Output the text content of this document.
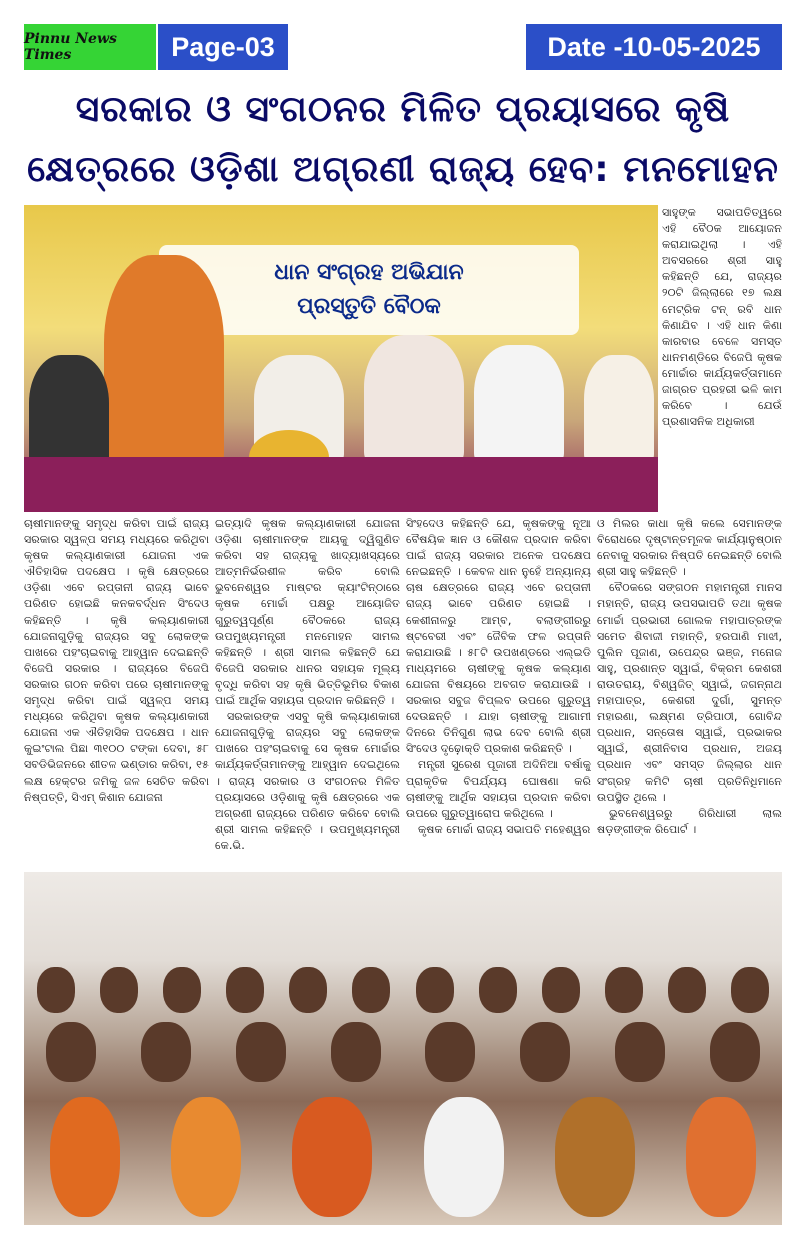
Pinnu News Times	Page-03	Date -10-05-2025
ସରକାର ଓ ସଂଗଠନର ମିଳିତ ପ୍ରୟାସରେ କୃଷି
କ୍ଷେତ୍ରରେ ଓଡ଼ିଶା ଅଗ୍ରଣୀ ରାଜ୍ୟ ହେବ: ମନମୋହନ
ଧାନ ସଂଗ୍ରହ ଅଭିଯାନ
ପ୍ରସ୍ତୁତି ବୈଠକ
ସାହୁଙ୍କ ସଭାପତିତ୍ୱରେ ଏହି ବୈଠକ ଆୟୋଜନ କରାଯାଇଥିଲା । ଏହି ଅବସରରେ ଶ୍ରୀ ସାହୁ କହିଛନ୍ତି ଯେ, ରାଜ୍ୟର ୨୦ଟି ଜିଲ୍ଲାରେ ୧୭ ଲକ୍ଷ ମେଟ୍ରିକ ଟନ୍ ରବି ଧାନ କିଣାଯିବ । ଏହି ଧାନ କିଣା କାରବାର ବେଳେ ସମସ୍ତ ଧାନମଣ୍ଡିରେ ବିଜେପି କୃଷକ ମୋର୍ଚ୍ଚାର କାର୍ଯ୍ୟକର୍ତ୍ତାମାନେ ଜାଗ୍ରତ ପ୍ରହରୀ ଭଳି କାମ କରିବେ । ଯେଉଁ ପ୍ରଶାସନିକ ଅଧିକାରୀ

ଚାଷୀମାନଙ୍କୁ ସମୃଦ୍ଧ କରିବା ପାଇଁ ରାଜ୍ୟ ସରକାର ସ୍ୱଳ୍ପ ସମୟ ମଧ୍ୟରେ କରିଥିବା କୃଷକ କଲ୍ୟାଣକାରୀ ଯୋଜନା ଏକ ଐତିହାସିକ ପଦକ୍ଷେପ । କୃଷି କ୍ଷେତ୍ରରେ ଓଡ଼ିଶା ଏବେ ରପ୍ତାନୀ ରାଜ୍ୟ ଭାବେ ପରିଣତ ହୋଇଛି କନକବର୍ଦ୍ଧନ ସିଂଦେଓ କହିଛନ୍ତି । କୃଷି କଲ୍ୟାଣକାରୀ ଯୋଜନାଗୁଡ଼ିକୁ ରାଜ୍ୟର ସବୁ ଲୋକଙ୍କ ପାଖରେ ପହଂଚାଇବାକୁ ଆହ୍ୱାନ ଦେଇଛନ୍ତି ବିଜେପି ସରକାର । ରାଜ୍ୟରେ ବିଜେପି ସରକାର ଗଠନ କରିବା ପରେ ଚାଷୀମାନଙ୍କୁ ସମୃଦ୍ଧ କରିବା ପାଇଁ ସ୍ୱଳ୍ପ ସମୟ ମଧ୍ୟରେ କରିଥିବା କୃଷକ କଲ୍ୟାଣକାରୀ ଯୋଜନା ଏକ ଐତିହାସିକ ପଦକ୍ଷେପ । ଧାନ କୁଇଂଟାଲ ପିଛା ୩୧୦୦ ଟଙ୍କା ଦେବା, ୫୮ ସବଡିଭିଜନରେ ଶୀତଳ ଭଣ୍ଡାର କରିବା, ୧୫ ଲକ୍ଷ ହେକ୍ଟର ଜମିକୁ ଜଳ ସେଚିତ କରିବା ନିଷ୍ପତ୍ତି, ସିଏମ୍ କିଶାନ ଯୋଜନା

ଇତ୍ୟାଦି କୃଷକ କଲ୍ୟାଣକାରୀ ଯୋଜନା ଓଡ଼ିଶା ଚାଷୀମାନଙ୍କ ଆୟକୁ ଦ୍ୱିଗୁଣିତ କରିବା ସହ ରାଜ୍ୟକୁ ଖାଦ୍ୟାଖସ୍ୟରେ ଆତ୍ମନିର୍ଭରଶୀଳ କରିବ ବୋଲି ଭୁବନେଶ୍ୱର ମାଷ୍ଟର କ୍ୟାଂଟିନ୍ଠାରେ କୃଷକ ମୋର୍ଚ୍ଚା ପକ୍ଷରୁ ଆୟୋଜିତ ଗୁରୁତ୍ୱପୂର୍ଣ୍ଣ ବୈଠକରେ ରାଜ୍ୟ ଉପମୁଖ୍ୟମନ୍ତ୍ରୀ ମନମୋହନ ସାମଲ କହିଛନ୍ତି । ଶ୍ରୀ ସାମଲ କହିଛନ୍ତି ଯେ ବିଜେପି ସରକାର ଧାନର ସହାୟକ ମୂଲ୍ୟ ବୃଦ୍ଧି କରିବା ସହ କୃଷି ଭିତ୍ତିଭୂମିର ବିକାଶ ପାଇଁ ଆର୍ଥିକ ସହାୟତା ପ୍ରଦାନ କରିଛନ୍ତି ।

ସରକାରଙ୍କ ଏସବୁ କୃଷି କଲ୍ୟାଣକାରୀ ଯୋଜନାଗୁଡ଼ିକୁ ରାଜ୍ୟର ସବୁ ଲୋକଙ୍କ ପାଖରେ ପହଂଚାଇବାକୁ ସେ କୃଷକ ମୋର୍ଚ୍ଚାର କାର୍ଯ୍ୟକର୍ତ୍ତାମାନଙ୍କୁ ଆହ୍ୱାନ ଦେଇଥିଲେ । ରାଜ୍ୟ ସରକାର ଓ ସଂଗଠନର ମିଳିତ ପ୍ରୟାସରେ ଓଡ଼ିଶାକୁ କୃଷି କ୍ଷେତ୍ରରେ ଏକ ଅଗ୍ରଣୀ ରାଜ୍ୟରେ ପରିଣତ କରିବେ ବୋଲି ଶ୍ରୀ ସାମଲ କହିଛନ୍ତି । ଉପମୁଖ୍ୟମନ୍ତ୍ରୀ କେ.ଭି.

ସିଂହଦେଓ କହିଛନ୍ତି ଯେ, କୃଷକଙ୍କୁ ନୂଆ ବୈଷୟିକ ଜ୍ଞାନ ଓ କୌଶଳ ପ୍ରଦାନ କରିବା ପାଇଁ ରାଜ୍ୟ ସରକାର ଅନେକ ପଦକ୍ଷେପ ନେଇଛନ୍ତି । କେବଳ ଧାନ ନୁହେଁ ଅନ୍ୟାନ୍ୟ ଚାଷ କ୍ଷେତ୍ରରେ ରାଜ୍ୟ ଏବେ ରପ୍ତାନୀ ରାଜ୍ୟ ଭାବେ ପରିଣତ ହୋଇଛି । କେଶୀନାଳରୁ ଆମ୍ବ, ବଲାଙ୍ଗୀରରୁ ଷ୍ଟବେରୀ ଏବଂ ଜୈବିକ ଫଳ ରପ୍ତାନି କରାଯାଉଛି । ୫୮ଟି ଉପଖଣ୍ଡରେ ଏଲ୍ଇଡି ମାଧ୍ୟମରେ ଚାଷୀଙ୍କୁ କୃଷକ କଲ୍ୟାଣ ଯୋଜନା ବିଷୟରେ ଅବଗତ କରାଯାଉଛି । ସରକାର ସବୁଜ ବିପ୍ଲବ ଉପରେ ଗୁରୁତ୍ୱ ଦେଉଛନ୍ତି । ଯାହା ଚାଷୀଙ୍କୁ ଆଗାମୀ ଦିନରେ ତିନିଗୁଣ ଲାଭ ଦେବ ବୋଲି ଶ୍ରୀ ସିଂଦେଓ ଦୃଢ଼ୋକ୍ତି ପ୍ରକାଶ କରିଛନ୍ତି ।

ମନ୍ତ୍ରୀ ସୁରେଶ ପୂଜାରୀ ଅଦିନିଆ ବର୍ଷାକୁ ପ୍ରାକୃତିକ ବିପର୍ଯ୍ୟୟ ଘୋଷଣା କରି ଚାଷୀଙ୍କୁ ଆର୍ଥିକ ସହାୟତା ପ୍ରଦାନ କରିବା ଉପରେ ଗୁରୁତ୍ୱାରୋପ କରିଥିଲେ ।

କୃଷକ ମୋର୍ଚ୍ଚା ରାଜ୍ୟ ସଭାପତି ମହେଶ୍ୱର

ଓ ମିଲର କାଧା କୃଷି କଲେ ସେମାନଙ୍କ ବିରୋଧରେ ଦୃଷ୍ଟାନ୍ତମୂଳକ କାର୍ଯ୍ୟାନୁଷ୍ଠାନ ନେବାକୁ ସରକାର ନିଷ୍ପତି ନେଇଛନ୍ତି ବୋଲି ଶ୍ରୀ ସାହୁ କହିଛନ୍ତି ।

ବୈଠକରେ ସଙ୍ଗଠନ ମହାମନ୍ତ୍ରୀ ମାନସ ମହାନ୍ତି, ରାଜ୍ୟ ଉପସଭାପତି ତଥା କୃଷକ ମୋର୍ଚ୍ଚା ପ୍ରଭାରୀ ଗୋଲକ ମହାପାତ୍ରଙ୍କ ସମେତ ଶିବାଜୀ ମହାନ୍ତି, ହରପାଣି ମାଝୀ, ପୁଲିନ ପୂଜାଣ, ଉପେନ୍ଦ୍ର ଭଞ୍ଜ, ମନୋଜ ସାହୁ, ପ୍ରଶାନ୍ତ ସ୍ୱାଇଁ, ବିକ୍ରମ କେଶରୀ ରାଉତରାୟ, ବିଶ୍ୱଜିତ୍ ସ୍ୱାଇଁ, ଜଗନ୍ନାଥ ମହାପାତ୍ର, କେଶରୀ ଦୁର୍ଗା, ସୁମନ୍ତ ମହାରଣା, ଲକ୍ଷ୍ମଣ ତ୍ରିପାଠୀ, ଗୋବିନ୍ଦ ପ୍ରଧାନ, ସନ୍ତୋଷ ସ୍ୱାଇଁ, ପ୍ରଭାକର ସ୍ୱାଇଁ, ଶ୍ରୀନିବାସ ପ୍ରଧାନ, ଅଜୟ ପ୍ରଧାନ ଏବଂ ସମସ୍ତ ଜିଲ୍ଲାର ଧାନ ସଂଗ୍ରହ କମିଟି ଚାଷୀ ପ୍ରତିନିଧିମାନେ ଉପସ୍ଥିତ ଥିଲେ ।

ଭୁବନେଶ୍ୱରରୁ ଗିରିଧାରୀ ଲାଲ ଷଡ଼ଙ୍ଗୀଙ୍କ ରିପୋର୍ଟ ।
